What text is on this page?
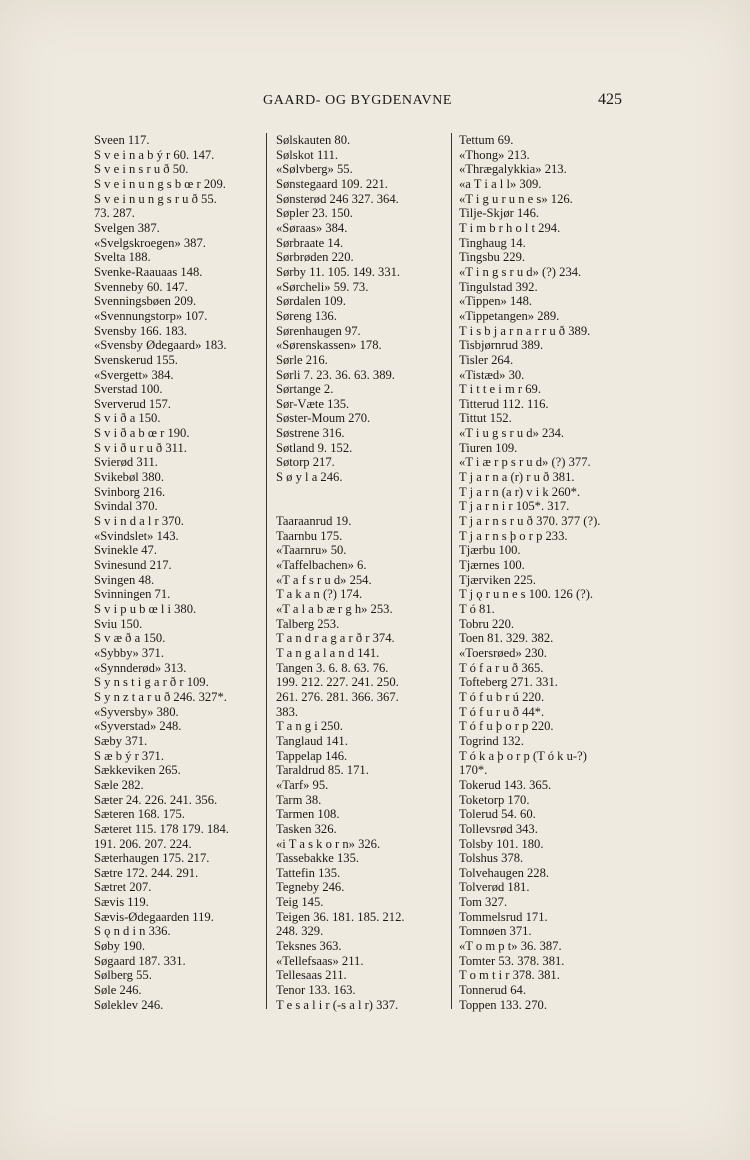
GAARD- OG BYGDENAVNE	425
Sveen 117.
S v e i n a b ý r 60. 147.
S v e i n s r u ð 50.
S v e i n u n g s b œ r 209.
S v e i n u n g s r u ð 55.
73. 287.
Svelgen 387.
«Svelgskroegen» 387.
Svelta 188.
Svenke-Raauaas 148.
Svenneby 60. 147.
Svenningsbøen 209.
«Svennungstorp» 107.
Svensby 166. 183.
«Svensby Ødegaard» 183.
Svenskerud 155.
«Svergett» 384.
Sverstad 100.
Sververud 157.
S v i ð a 150.
S v i ð a b œ r 190.
S v i ð u r u ð 311.
Svierød 311.
Svikebøl 380.
Svinborg 216.
Svindal 370.
S v i n d a l r 370.
«Svindslet» 143.
Svinekle 47.
Svinesund 217.
Svingen 48.
Svinningen 71.
S v i p u b œ l i 380.
Sviu 150.
S v æ ð a 150.
«Sybby» 371.
«Synnderød» 313.
S y n s t i g a r ð r 109.
S y n z t a r u ð 246. 327*.
«Syversby» 380.
«Syverstad» 248.
Sæby 371.
S æ b ý r 371.
Sækkeviken 265.
Sæle 282.
Sæter 24. 226. 241. 356.
Sæteren 168. 175.
Sæteret 115. 178 179. 184.
191. 206. 207. 224.
Sæterhaugen 175. 217.
Sætre 172. 244. 291.
Sætret 207.
Sævis 119.
Sævis-Ødegaarden 119.
S ǫ n d i n 336.
Søby 190.
Søgaard 187. 331.
Sølberg 55.
Søle 246.
Søleklev 246.
Sølskauten 80.
Sølskot 111.
«Sølvberg» 55.
Sønstegaard 109. 221.
Sønsterød 246 327. 364.
Søpler 23. 150.
«Søraas» 384.
Sørbraate 14.
Sørbrøden 220.
Sørby 11. 105. 149. 331.
«Sørcheli» 59. 73.
Sørdalen 109.
Søreng 136.
Sørenhaugen 97.
«Sørenskassen» 178.
Sørle 216.
Sørli 7. 23. 36. 63. 389.
Sørtange 2.
Sør-Væte 135.
Søster-Moum 270.
Søstrene 316.
Søtland 9. 152.
Søtorp 217.
S ø y l a 246.

Taaraanrud 19.
Taarnbu 175.
«Taarnru» 50.
«Taffelbachen» 6.
«T a f s r u d» 254.
T a k a n (?) 174.
«T a l a b æ r g h» 253.
Talberg 253.
T a n d r a g a r ð r 374.
T a n g a l a n d 141.
Tangen 3. 6. 8. 63. 76.
199. 212. 227. 241. 250.
261. 276. 281. 366. 367.
383.
T a n g i 250.
Tanglaud 141.
Tappelap 146.
Taraldrud 85. 171.
«Tarf» 95.
Tarm 38.
Tarmen 108.
Tasken 326.
«i T a s k o r n» 326.
Tassebakke 135.
Tattefin 135.
Tegneby 246.
Teig 145.
Teigen 36. 181. 185. 212.
248. 329.
Teksnes 363.
«Tellefsaas» 211.
Tellesaas 211.
Tenor 133. 163.
T e s a l i r (-s a l r) 337.
Tettum 69.
«Thong» 213.
«Thrægalykkia» 213.
«a T i a l l» 309.
«T i g u r u n e s» 126.
Tilje-Skjør 146.
T i m b r h o l t 294.
Tinghaug 14.
Tingsbu 229.
«T i n g s r u d» (?) 234.
Tingulstad 392.
«Tippen» 148.
«Tippetangen» 289.
T i s b j a r n a r r u ð 389.
Tisbjørnrud 389.
Tisler 264.
«Tistæd» 30.
T i t t e i m r 69.
Titterud 112. 116.
Tittut 152.
«T i u g s r u d» 234.
Tiuren 109.
«T i æ r p s r u d» (?) 377.
T j a r n a (r) r u ð 381.
T j a r n (a r) v i k 260*.
T j a r n i r 105*. 317.
T j a r n s r u ð 370. 377 (?).
T j a r n s þ o r p 233.
Tjærbu 100.
Tjærnes 100.
Tjærviken 225.
T j ǫ r u n e s 100. 126 (?).
T ó 81.
Tobru 220.
Toen 81. 329. 382.
«Toersrøed» 230.
T ó f a r u ð 365.
Tofteberg 271. 331.
T ó f u b r ú 220.
T ó f u r u ð 44*.
T ó f u þ o r p 220.
Togrind 132.
T ó k a þ o r p (T ó k u-?)
170*.
Tokerud 143. 365.
Toketorp 170.
Tolerud 54. 60.
Tollevsrød 343.
Tolsby 101. 180.
Tolshus 378.
Tolvehaugen 228.
Tolverød 181.
Tom 327.
Tommelsrud 171.
Tomnøen 371.
«T o m p t» 36. 387.
Tomter 53. 378. 381.
T o m t i r 378. 381.
Tonnerud 64.
Toppen 133. 270.
